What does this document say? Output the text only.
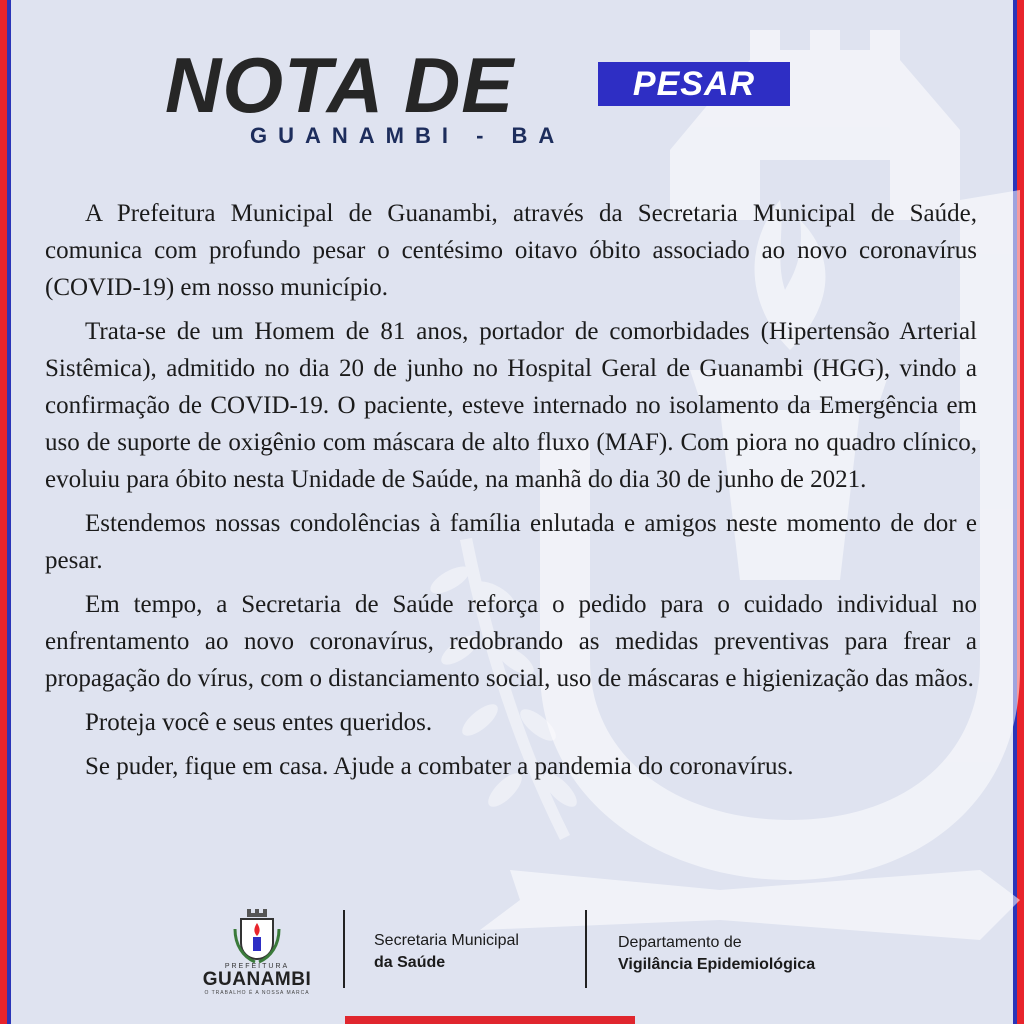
NOTA DE	PESAR
GUANAMBI - BA

A Prefeitura Municipal de Guanambi, através da Secretaria Municipal de Saúde, comunica com profundo pesar o centésimo oitavo óbito associado ao novo coronavírus (COVID-19) em nosso município.

Trata-se de um Homem de 81 anos, portador de comorbidades (Hipertensão Arterial Sistêmica), admitido no dia 20 de junho no Hospital Geral de Guanambi (HGG), vindo a confirmação de COVID-19. O paciente, esteve internado no isolamento da Emergência em uso de suporte de oxigênio com máscara de alto fluxo (MAF). Com piora no quadro clínico, evoluiu para óbito nesta Unidade de Saúde, na manhã do dia 30 de junho de 2021.

Estendemos nossas condolências à família enlutada e amigos neste momento de dor e pesar.

Em tempo, a Secretaria de Saúde reforça o pedido para o cuidado individual no enfrentamento ao novo coronavírus, redobrando as medidas preventivas para frear a propagação do vírus, com o distanciamento social, uso de máscaras e higienização das mãos.

Proteja você e seus entes queridos.

Se puder, fique em casa. Ajude a combater a pandemia do coronavírus.

PREFEITURA
GUANAMBI
O TRABALHO É A NOSSA MARCA
Secretaria Municipal
da Saúde
Departamento de
Vigilância Epidemiológica
